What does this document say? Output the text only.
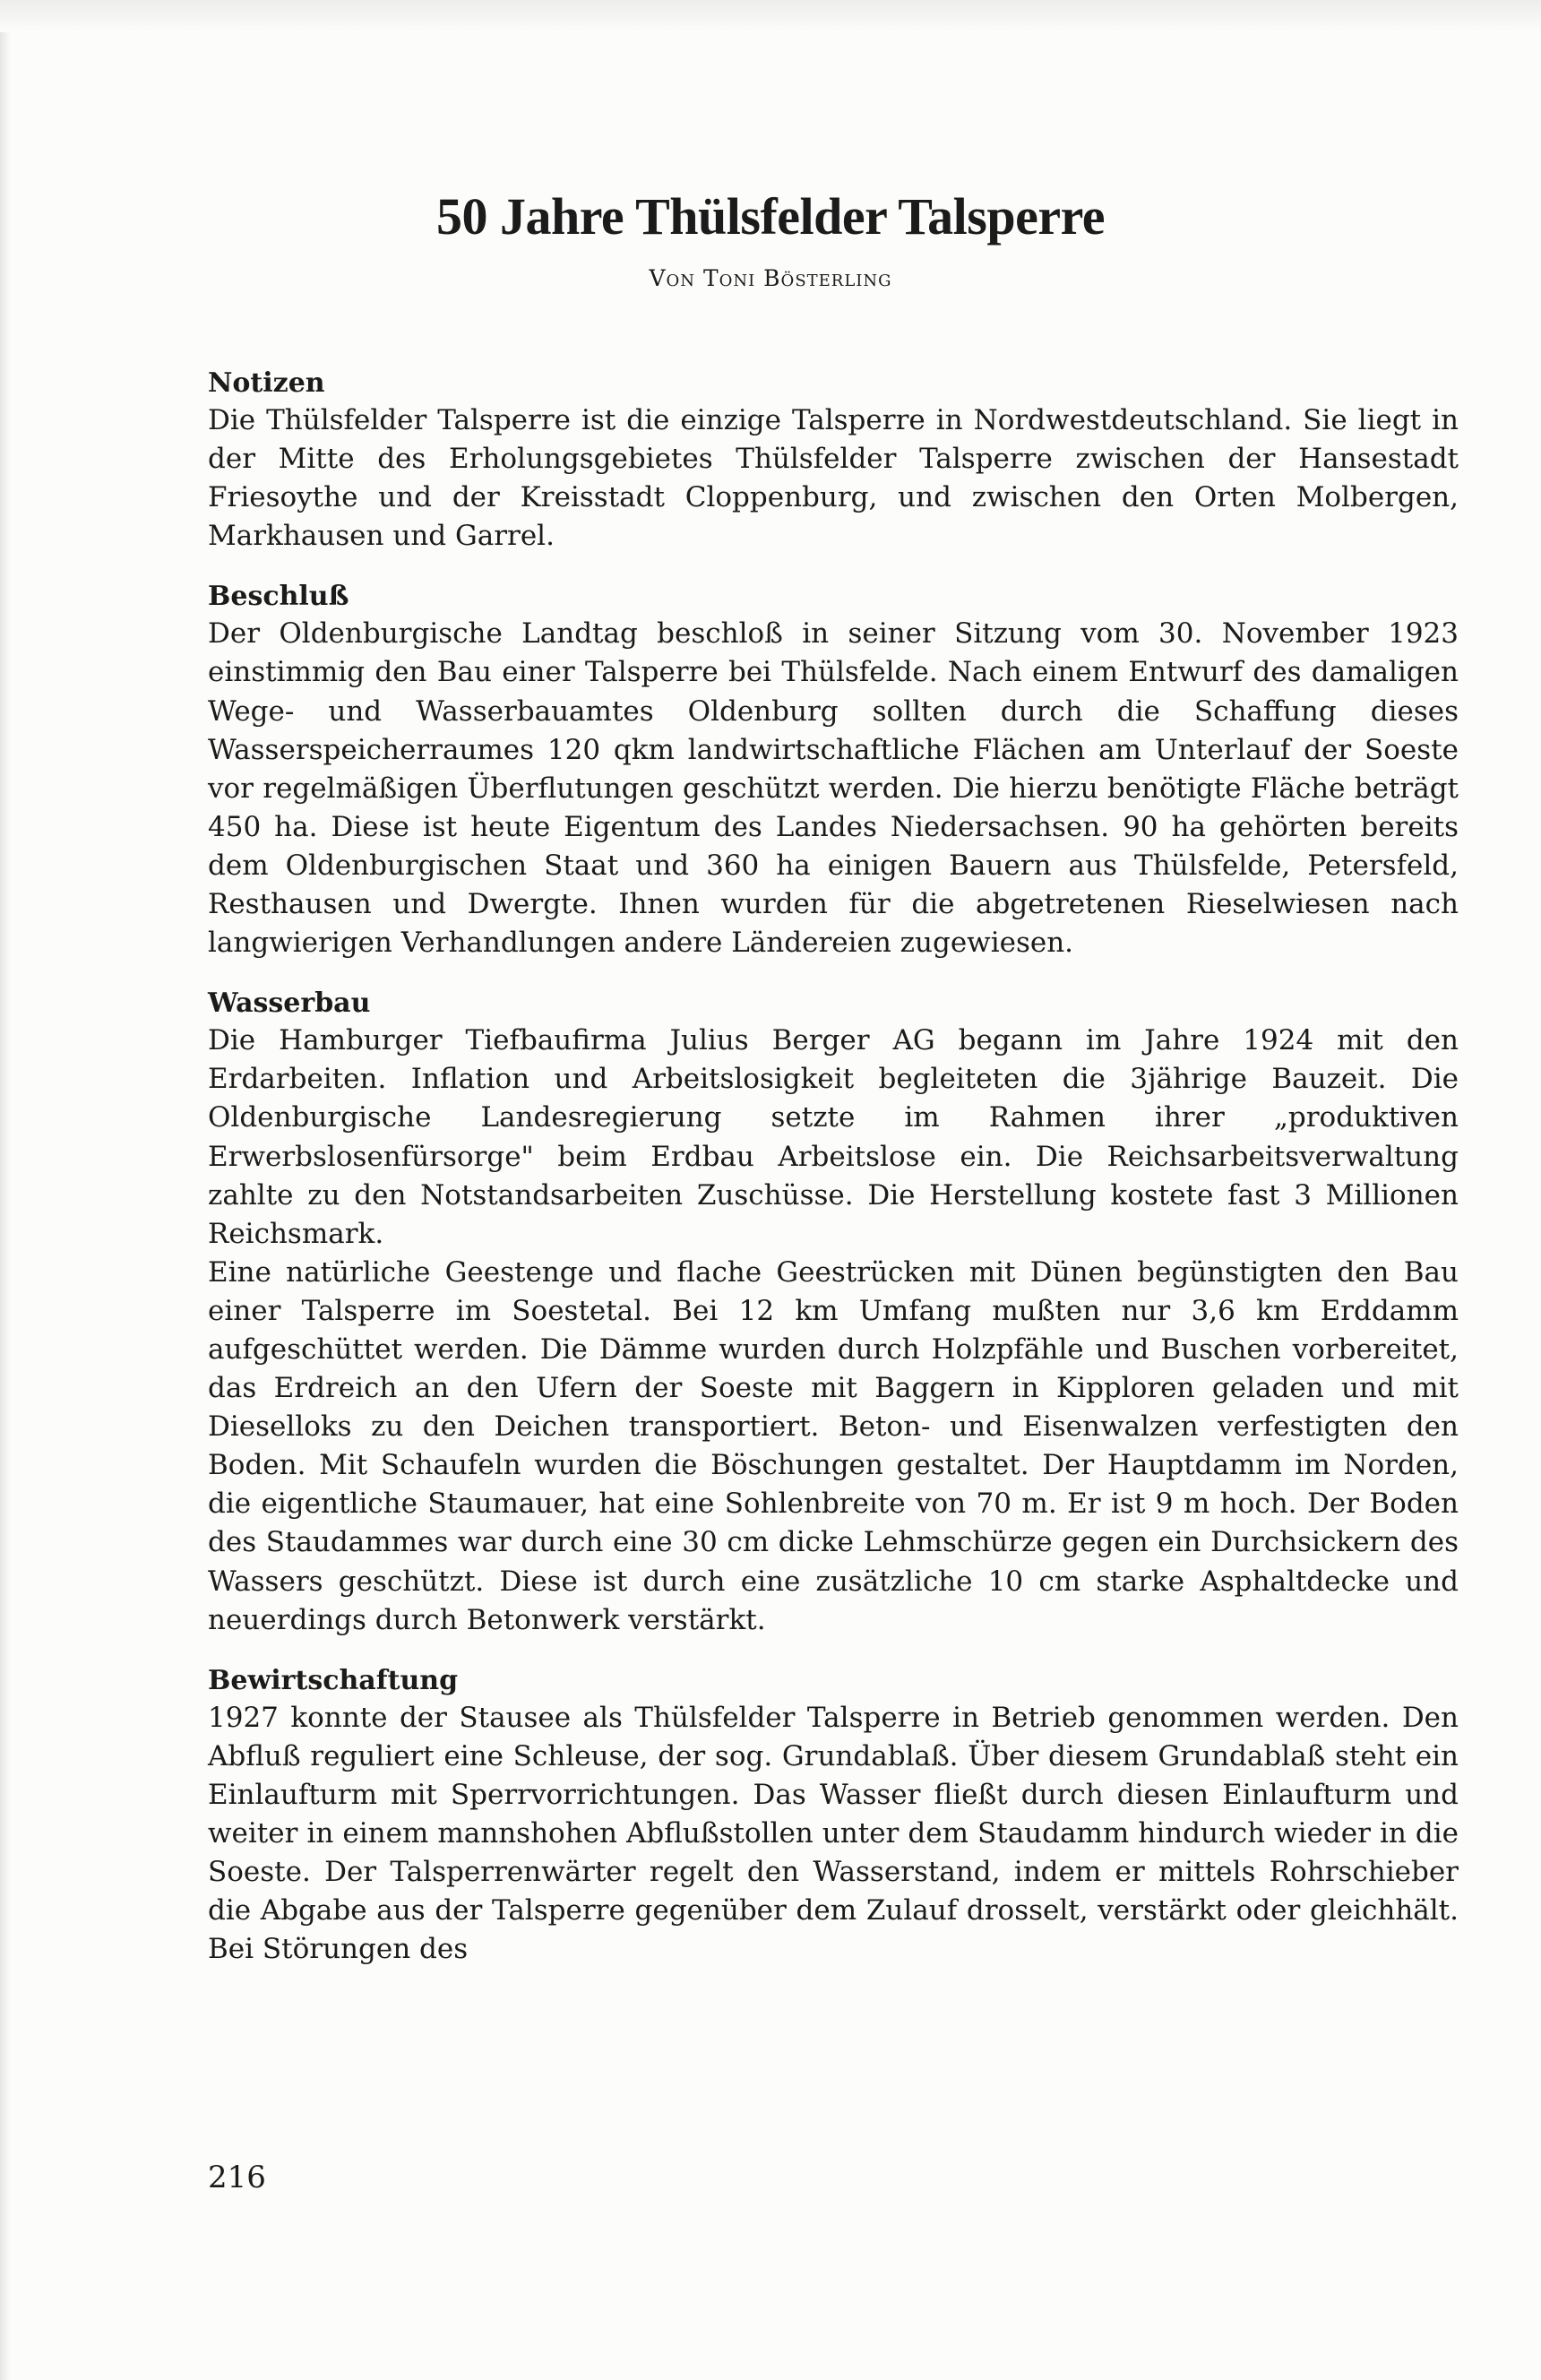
50 Jahre Thülsfelder Talsperre

Von Toni Bösterling

Notizen

Die Thülsfelder Talsperre ist die einzige Talsperre in Nordwestdeutschland. Sie liegt in der Mitte des Erholungsgebietes Thülsfelder Talsperre zwischen der Hansestadt Friesoythe und der Kreisstadt Cloppenburg, und zwischen den Orten Molbergen, Markhausen und Garrel.

Beschluß

Der Oldenburgische Landtag beschloß in seiner Sitzung vom 30. November 1923 einstimmig den Bau einer Talsperre bei Thülsfelde. Nach einem Entwurf des damaligen Wege- und Wasserbauamtes Oldenburg sollten durch die Schaffung dieses Wasserspeicherraumes 120 qkm landwirtschaftliche Flächen am Unterlauf der Soeste vor regelmäßigen Überflutungen geschützt werden. Die hierzu benötigte Fläche beträgt 450 ha. Diese ist heute Eigentum des Landes Niedersachsen. 90 ha gehörten bereits dem Oldenburgischen Staat und 360 ha einigen Bauern aus Thülsfelde, Petersfeld, Resthausen und Dwergte. Ihnen wurden für die abgetretenen Rieselwiesen nach langwierigen Verhandlungen andere Ländereien zugewiesen.

Wasserbau

Die Hamburger Tiefbaufirma Julius Berger AG begann im Jahre 1924 mit den Erdarbeiten. Inflation und Arbeitslosigkeit begleiteten die 3jährige Bauzeit. Die Oldenburgische Landesregierung setzte im Rahmen ihrer „produktiven Erwerbslosenfürsorge" beim Erdbau Arbeitslose ein. Die Reichsarbeitsverwaltung zahlte zu den Notstandsarbeiten Zuschüsse. Die Herstellung kostete fast 3 Millionen Reichsmark.

Eine natürliche Geestenge und flache Geestrücken mit Dünen begünstigten den Bau einer Talsperre im Soestetal. Bei 12 km Umfang mußten nur 3,6 km Erddamm aufgeschüttet werden. Die Dämme wurden durch Holzpfähle und Buschen vorbereitet, das Erdreich an den Ufern der Soeste mit Baggern in Kipploren geladen und mit Dieselloks zu den Deichen transportiert. Beton- und Eisenwalzen verfestigten den Boden. Mit Schaufeln wurden die Böschungen gestaltet. Der Hauptdamm im Norden, die eigentliche Staumauer, hat eine Sohlenbreite von 70 m. Er ist 9 m hoch. Der Boden des Staudammes war durch eine 30 cm dicke Lehmschürze gegen ein Durchsickern des Wassers geschützt. Diese ist durch eine zusätzliche 10 cm starke Asphaltdecke und neuerdings durch Betonwerk verstärkt.

Bewirtschaftung

1927 konnte der Stausee als Thülsfelder Talsperre in Betrieb genommen werden. Den Abfluß reguliert eine Schleuse, der sog. Grundablaß. Über diesem Grundablaß steht ein Einlaufturm mit Sperrvorrichtungen. Das Wasser fließt durch diesen Einlaufturm und weiter in einem mannshohen Abflußstollen unter dem Staudamm hindurch wieder in die Soeste. Der Talsperrenwärter regelt den Wasserstand, indem er mittels Rohrschieber die Abgabe aus der Talsperre gegenüber dem Zulauf drosselt, verstärkt oder gleichhält. Bei Störungen des

216
